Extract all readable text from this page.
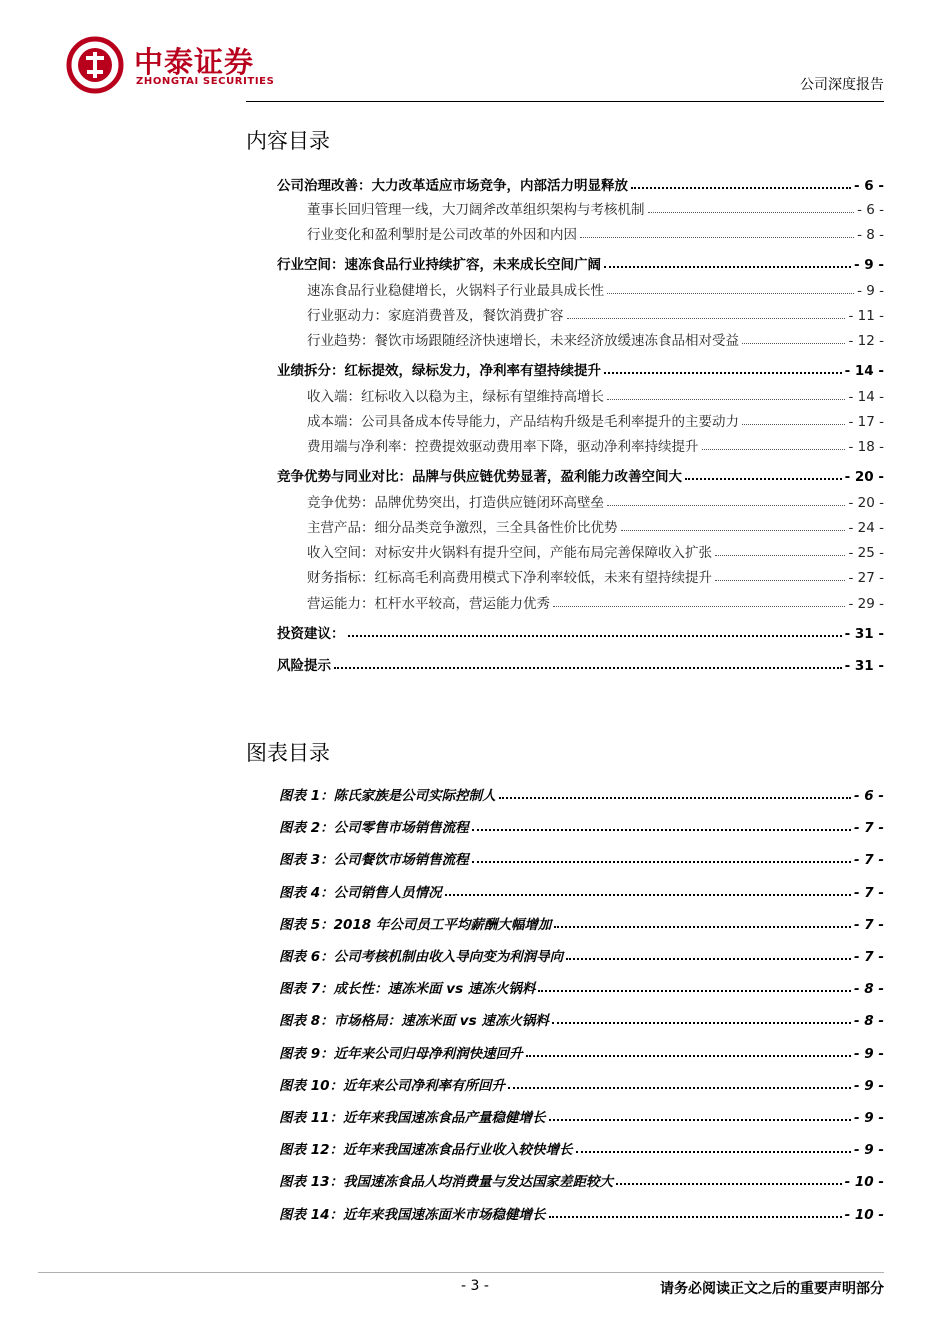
中泰证券
ZHONGTAI SECURITIES	公司深度报告
内容目录
公司治理改善：大力改革适应市场竞争，内部活力明显释放	- 6 -
董事长回归管理一线，大刀阔斧改革组织架构与考核机制	- 6 -
行业变化和盈利掣肘是公司改革的外因和内因	- 8 -
行业空间：速冻食品行业持续扩容，未来成长空间广阔	- 9 -
速冻食品行业稳健增长，火锅料子行业最具成长性	- 9 -
行业驱动力：家庭消费普及，餐饮消费扩容	- 11 -
行业趋势：餐饮市场跟随经济快速增长，未来经济放缓速冻食品相对受益	- 12 -
业绩拆分：红标提效，绿标发力，净利率有望持续提升	- 14 -
收入端：红标收入以稳为主，绿标有望维持高增长	- 14 -
成本端：公司具备成本传导能力，产品结构升级是毛利率提升的主要动力	- 17 -
费用端与净利率：控费提效驱动费用率下降，驱动净利率持续提升	- 18 -
竞争优势与同业对比：品牌与供应链优势显著，盈利能力改善空间大	- 20 -
竞争优势：品牌优势突出，打造供应链闭环高壁垒	- 20 -
主营产品：细分品类竞争激烈，三全具备性价比优势	- 24 -
收入空间：对标安井火锅料有提升空间，产能布局完善保障收入扩张	- 25 -
财务指标：红标高毛利高费用模式下净利率较低，未来有望持续提升	- 27 -
营运能力：杠杆水平较高，营运能力优秀	- 29 -
投资建议：	- 31 -
风险提示	- 31 -
图表目录
图表 1：陈氏家族是公司实际控制人	- 6 -
图表 2：公司零售市场销售流程	- 7 -
图表 3：公司餐饮市场销售流程	- 7 -
图表 4：公司销售人员情况	- 7 -
图表 5：2018 年公司员工平均薪酬大幅增加	- 7 -
图表 6：公司考核机制由收入导向变为利润导向	- 7 -
图表 7：成长性：速冻米面 vs 速冻火锅料	- 8 -
图表 8：市场格局：速冻米面 vs 速冻火锅料	- 8 -
图表 9：近年来公司归母净利润快速回升	- 9 -
图表 10：近年来公司净利率有所回升	- 9 -
图表 11：近年来我国速冻食品产量稳健增长	- 9 -
图表 12：近年来我国速冻食品行业收入较快增长	- 9 -
图表 13：我国速冻食品人均消费量与发达国家差距较大	- 10 -
图表 14：近年来我国速冻面米市场稳健增长	- 10 -
- 3 -	请务必阅读正文之后的重要声明部分
